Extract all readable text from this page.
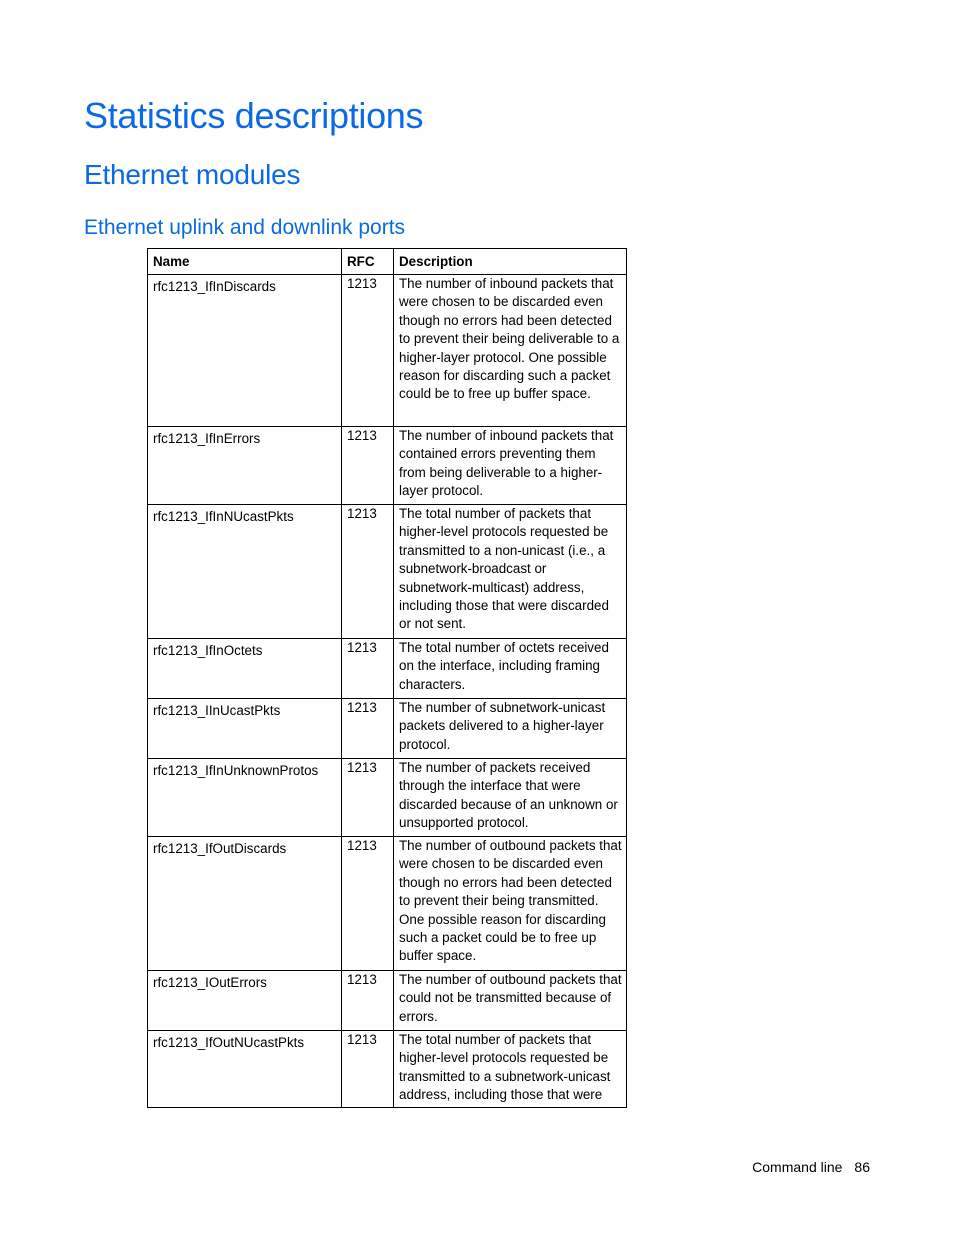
Statistics descriptions
Ethernet modules
Ethernet uplink and downlink ports
Name	RFC	Description
rfc1213_IfInDiscards	1213	The number of inbound packets that were chosen to be discarded even though no errors had been detected to prevent their being deliverable to a higher-layer protocol. One possible reason for discarding such a packet could be to free up buffer space.
rfc1213_IfInErrors	1213	The number of inbound packets that contained errors preventing them from being deliverable to a higher-layer protocol.
rfc1213_IfInNUcastPkts	1213	The total number of packets that higher-level protocols requested be transmitted to a non-unicast (i.e., a subnetwork-broadcast or subnetwork-multicast) address, including those that were discarded or not sent.
rfc1213_IfInOctets	1213	The total number of octets received on the interface, including framing characters.
rfc1213_IInUcastPkts	1213	The number of subnetwork-unicast packets delivered to a higher-layer protocol.
rfc1213_IfInUnknownProtos	1213	The number of packets received through the interface that were discarded because of an unknown or unsupported protocol.
rfc1213_IfOutDiscards	1213	The number of outbound packets that were chosen to be discarded even though no errors had been detected to prevent their being transmitted. One possible reason for discarding such a packet could be to free up buffer space.
rfc1213_IOutErrors	1213	The number of outbound packets that could not be transmitted because of errors.
rfc1213_IfOutNUcastPkts	1213	The total number of packets that higher-level protocols requested be transmitted to a subnetwork-unicast address, including those that were
Command line 86
